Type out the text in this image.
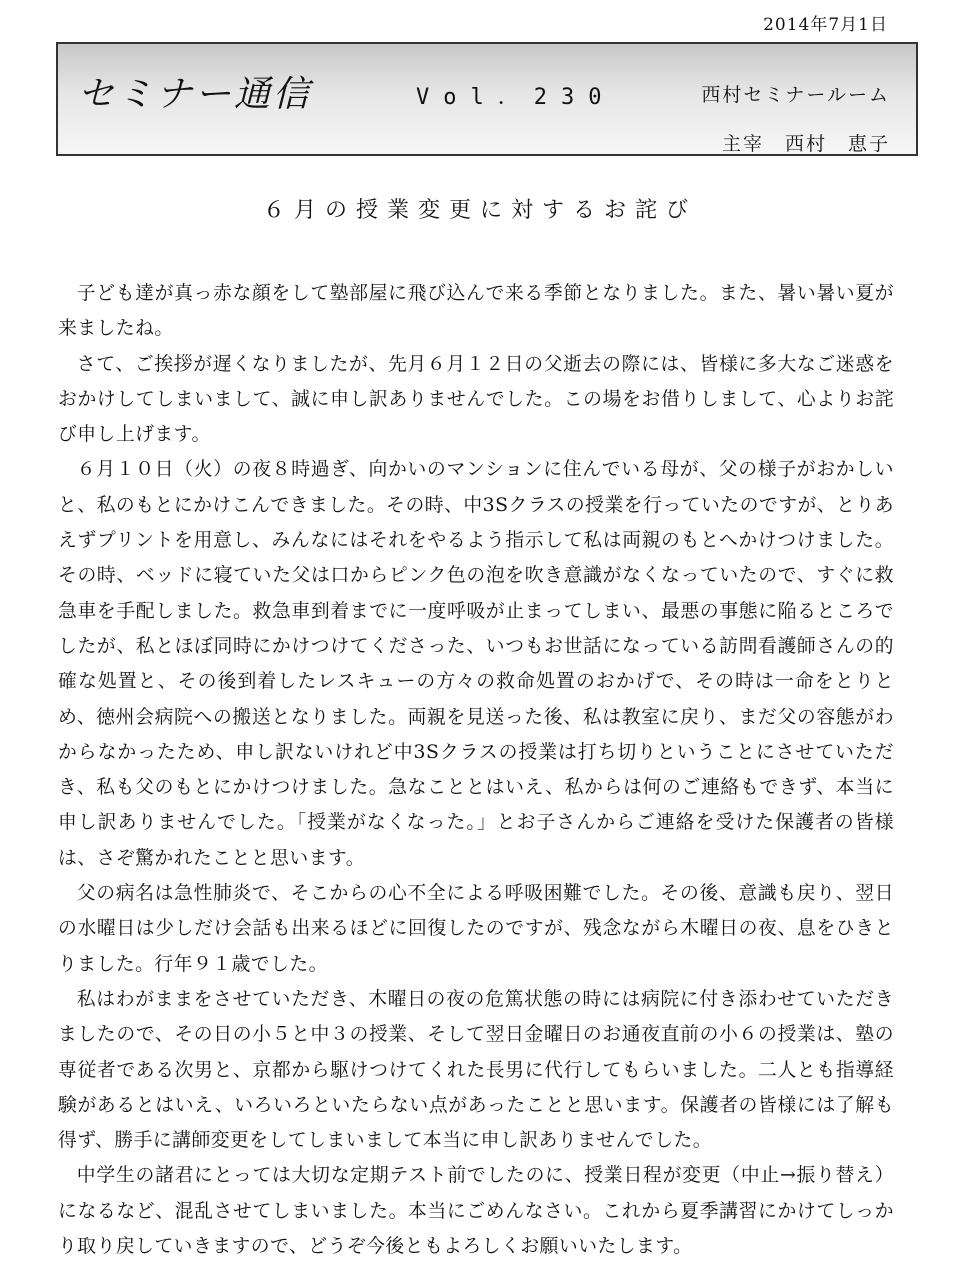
2014年7月1日
セミナー通信	Vol．230	西村セミナールーム
主宰　西村　恵子
６月の授業変更に対するお詫び

子ども達が真っ赤な顔をして塾部屋に飛び込んで来る季節となりました。また、暑い暑い夏が来ましたね。

さて、ご挨拶が遅くなりましたが、先月６月１２日の父逝去の際には、皆様に多大なご迷惑をおかけしてしまいまして、誠に申し訳ありませんでした。この場をお借りしまして、心よりお詫び申し上げます。

６月１０日（火）の夜８時過ぎ、向かいのマンションに住んでいる母が、父の様子がおかしいと、私のもとにかけこんできました。その時、中3Sクラスの授業を行っていたのですが、とりあえずプリントを用意し、みんなにはそれをやるよう指示して私は両親のもとへかけつけました。その時、ベッドに寝ていた父は口からピンク色の泡を吹き意識がなくなっていたので、すぐに救急車を手配しました。救急車到着までに一度呼吸が止まってしまい、最悪の事態に陥るところでしたが、私とほぼ同時にかけつけてくださった、いつもお世話になっている訪問看護師さんの的確な処置と、その後到着したレスキューの方々の救命処置のおかげで、その時は一命をとりとめ、徳州会病院への搬送となりました。両親を見送った後、私は教室に戻り、まだ父の容態がわからなかったため、申し訳ないけれど中3Sクラスの授業は打ち切りということにさせていただき、私も父のもとにかけつけました。急なこととはいえ、私からは何のご連絡もできず、本当に申し訳ありませんでした。「授業がなくなった。」とお子さんからご連絡を受けた保護者の皆様は、さぞ驚かれたことと思います。

父の病名は急性肺炎で、そこからの心不全による呼吸困難でした。その後、意識も戻り、翌日の水曜日は少しだけ会話も出来るほどに回復したのですが、残念ながら木曜日の夜、息をひきとりました。行年９１歳でした。

私はわがままをさせていただき、木曜日の夜の危篤状態の時には病院に付き添わせていただきましたので、その日の小５と中３の授業、そして翌日金曜日のお通夜直前の小６の授業は、塾の専従者である次男と、京都から駆けつけてくれた長男に代行してもらいました。二人とも指導経験があるとはいえ、いろいろといたらない点があったことと思います。保護者の皆様には了解も得ず、勝手に講師変更をしてしまいまして本当に申し訳ありませんでした。

中学生の諸君にとっては大切な定期テスト前でしたのに、授業日程が変更（中止→振り替え）になるなど、混乱させてしまいました。本当にごめんなさい。これから夏季講習にかけてしっかり取り戻していきますので、どうぞ今後ともよろしくお願いいたします。
